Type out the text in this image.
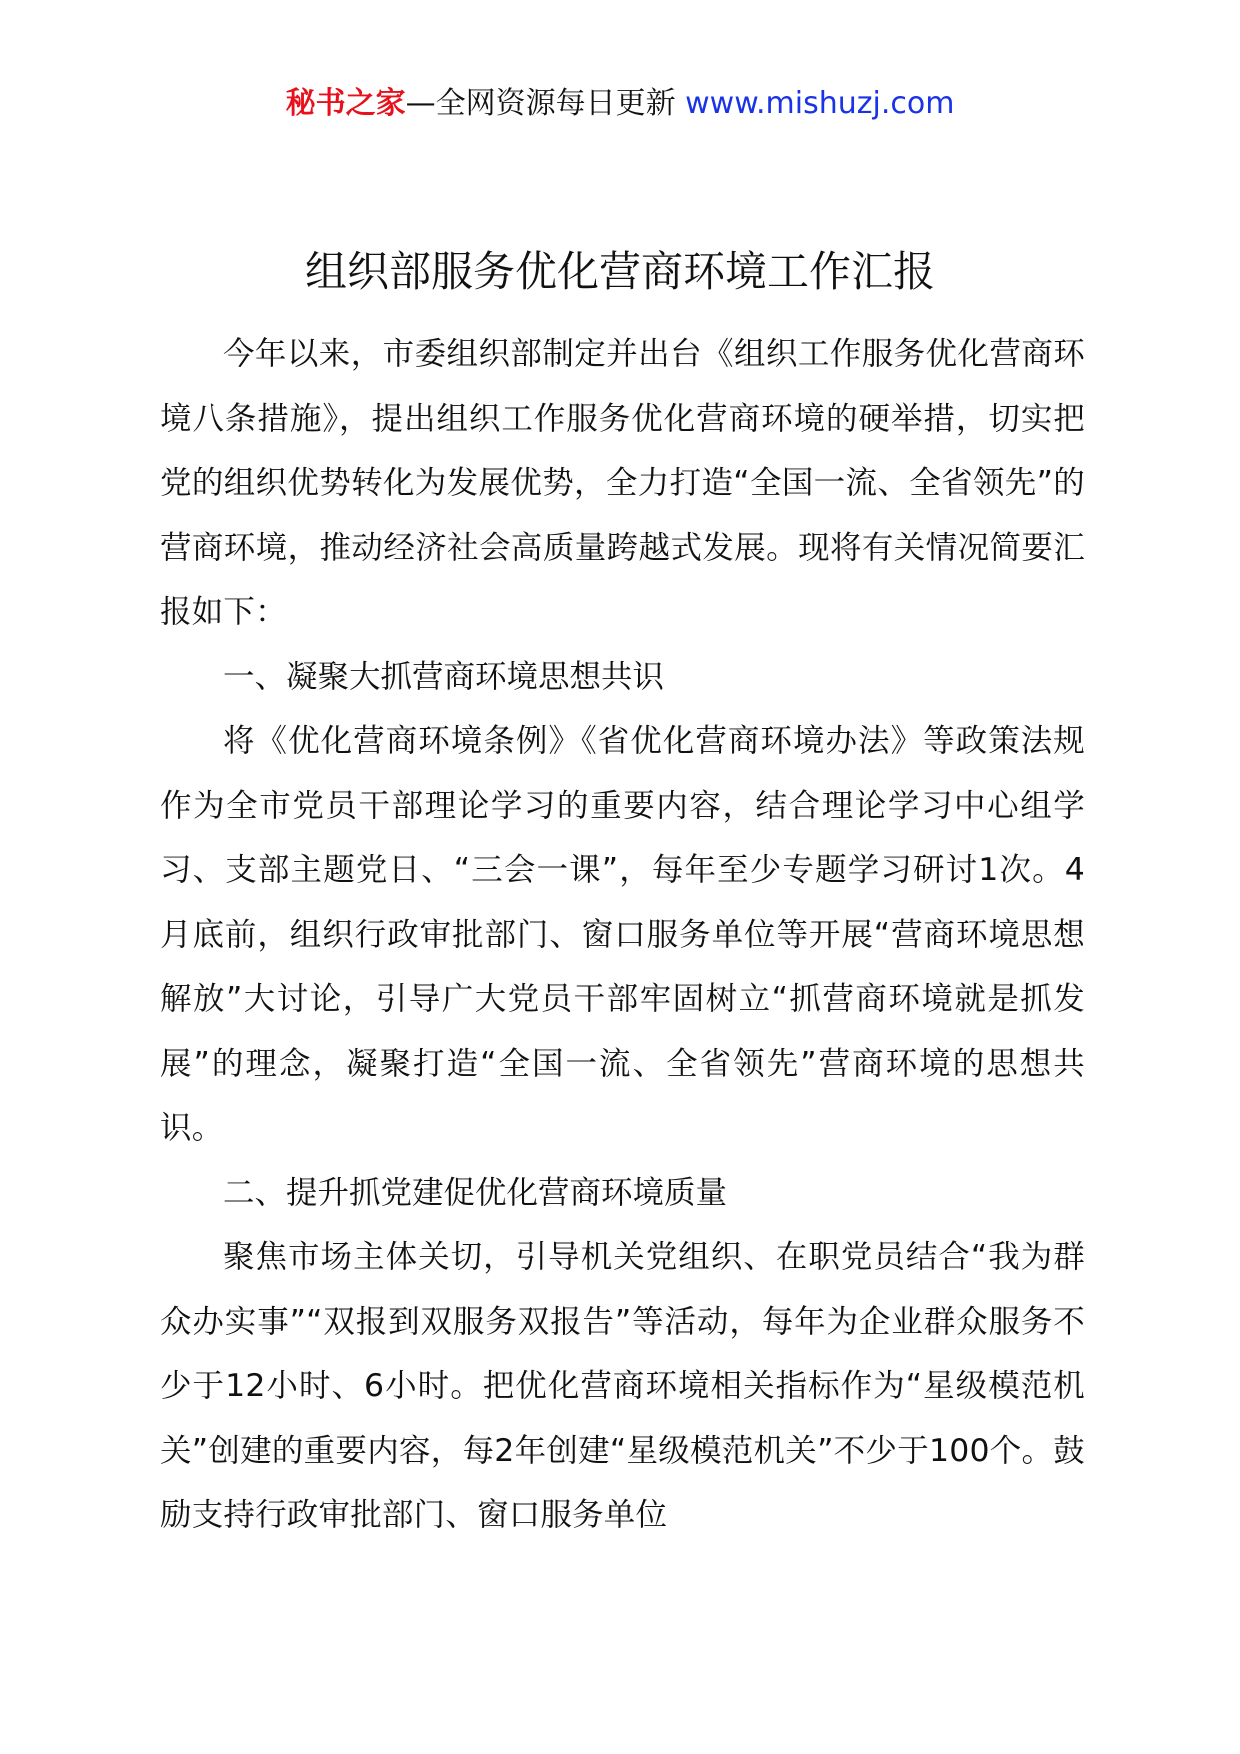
秘书之家—全网资源每日更新 www.mishuzj.com
组织部服务优化营商环境工作汇报

今年以来，市委组织部制定并出台《组织工作服务优化营商环境八条措施》，提出组织工作服务优化营商环境的硬举措，切实把党的组织优势转化为发展优势，全力打造“全国一流、全省领先”的营商环境，推动经济社会高质量跨越式发展。现将有关情况简要汇报如下：

一、凝聚大抓营商环境思想共识

将《优化营商环境条例》《省优化营商环境办法》等政策法规作为全市党员干部理论学习的重要内容，结合理论学习中心组学习、支部主题党日、“三会一课”，每年至少专题学习研讨1次。4月底前，组织行政审批部门、窗口服务单位等开展“营商环境思想解放”大讨论，引导广大党员干部牢固树立“抓营商环境就是抓发展”的理念，凝聚打造“全国一流、全省领先”营商环境的思想共识。

二、提升抓党建促优化营商环境质量

聚焦市场主体关切，引导机关党组织、在职党员结合“我为群众办实事”“双报到双服务双报告”等活动，每年为企业群众服务不少于12小时、6小时。把优化营商环境相关指标作为“星级模范机关”创建的重要内容，每2年创建“星级模范机关”不少于100个。鼓励支持行政审批部门、窗口服务单位
